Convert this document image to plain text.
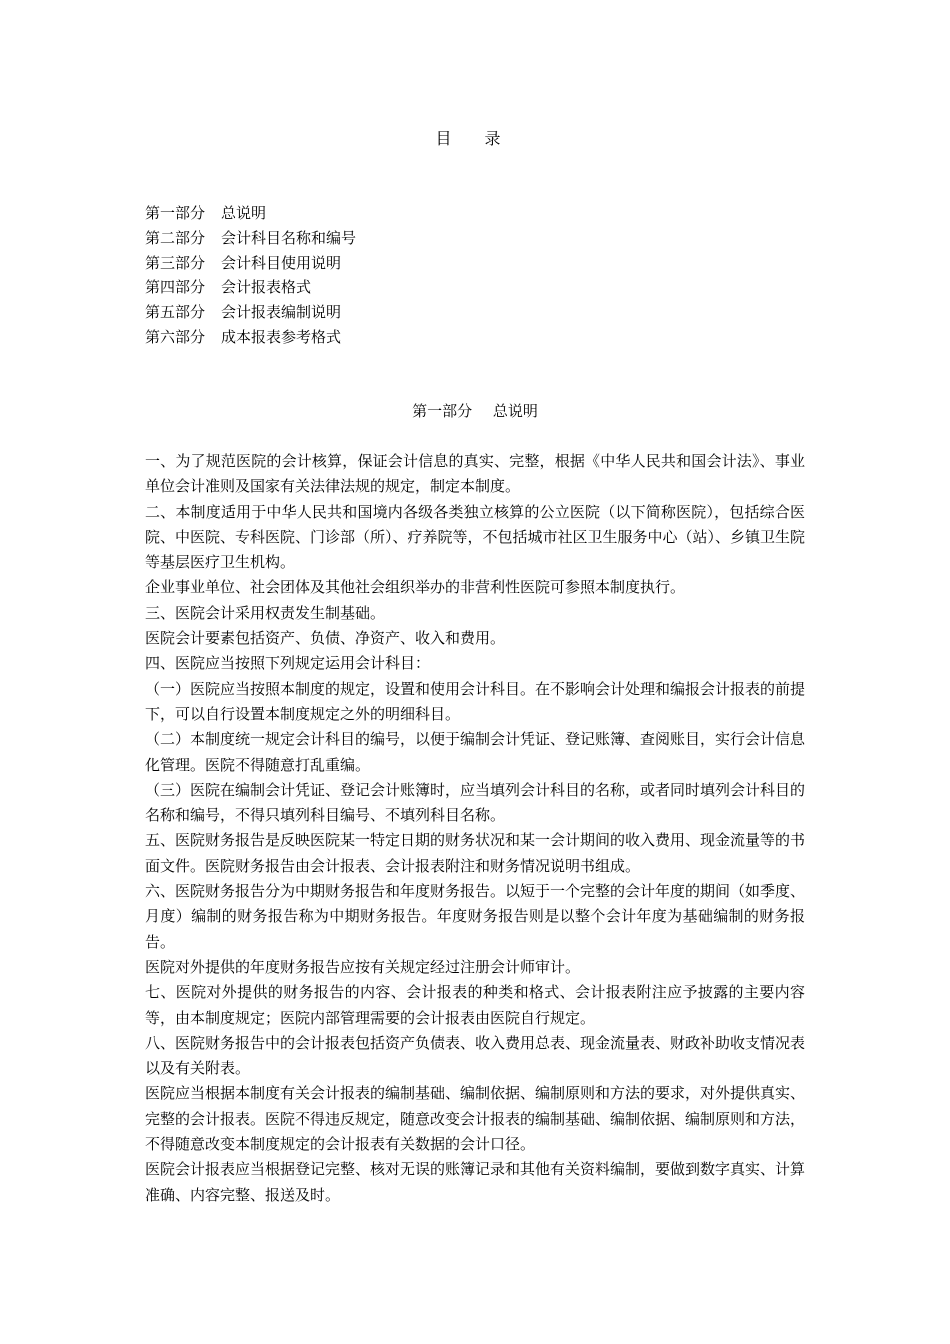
目 录
第一部分 总说明
第二部分 会计科目名称和编号
第三部分 会计科目使用说明
第四部分 会计报表格式
第五部分 会计报表编制说明
第六部分 成本报表参考格式
第一部分 总说明

一、为了规范医院的会计核算，保证会计信息的真实、完整，根据《中华人民共和国会计法》、事业单位会计准则及国家有关法律法规的规定，制定本制度。

二、本制度适用于中华人民共和国境内各级各类独立核算的公立医院（以下简称医院），包括综合医院、中医院、专科医院、门诊部（所）、疗养院等，不包括城市社区卫生服务中心（站）、乡镇卫生院等基层医疗卫生机构。

企业事业单位、社会团体及其他社会组织举办的非营利性医院可参照本制度执行。

三、医院会计采用权责发生制基础。

医院会计要素包括资产、负债、净资产、收入和费用。

四、医院应当按照下列规定运用会计科目：

（一）医院应当按照本制度的规定，设置和使用会计科目。在不影响会计处理和编报会计报表的前提下，可以自行设置本制度规定之外的明细科目。

（二）本制度统一规定会计科目的编号，以便于编制会计凭证、登记账簿、查阅账目，实行会计信息化管理。医院不得随意打乱重编。

（三）医院在编制会计凭证、登记会计账簿时，应当填列会计科目的名称，或者同时填列会计科目的名称和编号，不得只填列科目编号、不填列科目名称。

五、医院财务报告是反映医院某一特定日期的财务状况和某一会计期间的收入费用、现金流量等的书面文件。医院财务报告由会计报表、会计报表附注和财务情况说明书组成。

六、医院财务报告分为中期财务报告和年度财务报告。以短于一个完整的会计年度的期间（如季度、月度）编制的财务报告称为中期财务报告。年度财务报告则是以整个会计年度为基础编制的财务报告。

医院对外提供的年度财务报告应按有关规定经过注册会计师审计。

七、医院对外提供的财务报告的内容、会计报表的种类和格式、会计报表附注应予披露的主要内容等，由本制度规定；医院内部管理需要的会计报表由医院自行规定。

八、医院财务报告中的会计报表包括资产负债表、收入费用总表、现金流量表、财政补助收支情况表以及有关附表。

医院应当根据本制度有关会计报表的编制基础、编制依据、编制原则和方法的要求，对外提供真实、完整的会计报表。医院不得违反规定，随意改变会计报表的编制基础、编制依据、编制原则和方法，不得随意改变本制度规定的会计报表有关数据的会计口径。

医院会计报表应当根据登记完整、核对无误的账簿记录和其他有关资料编制，要做到数字真实、计算准确、内容完整、报送及时。
